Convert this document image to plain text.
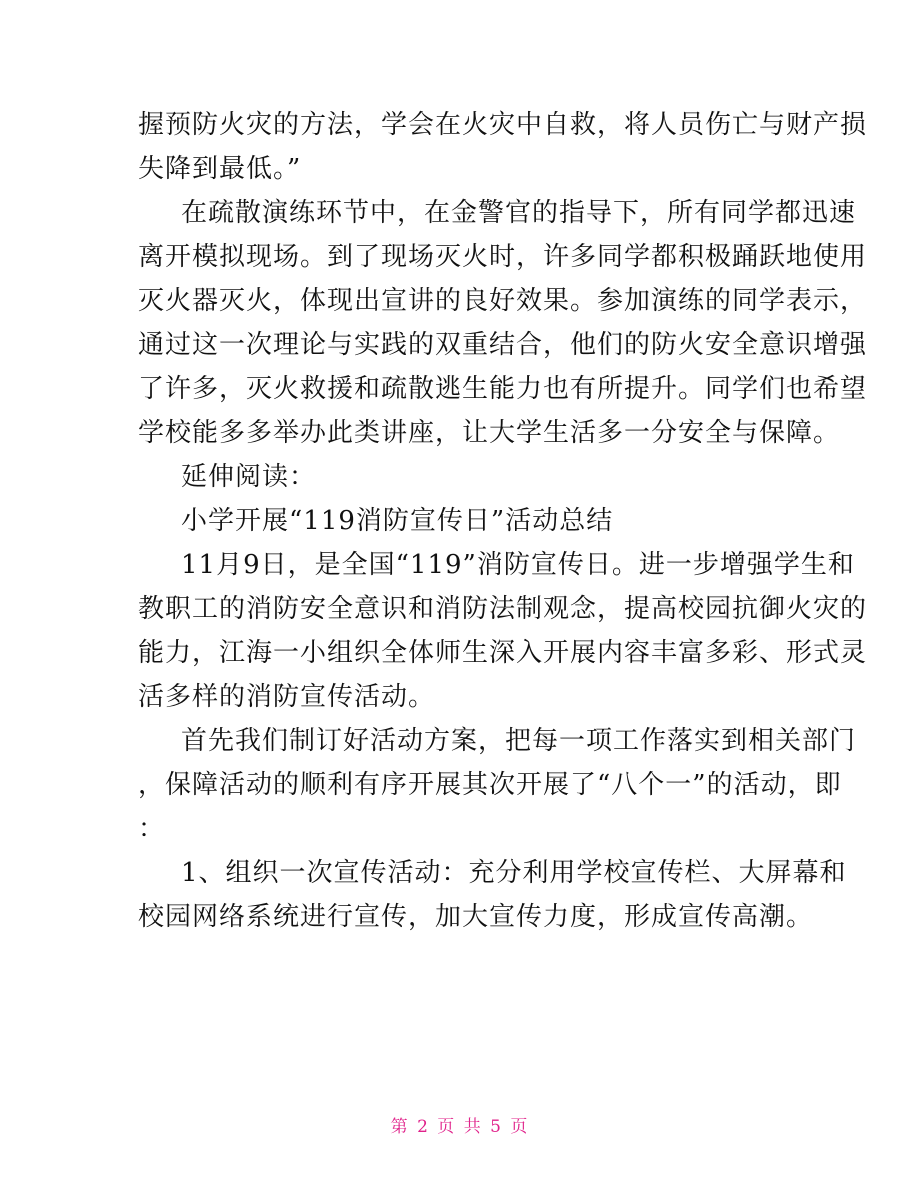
握预防火灾的方法，学会在火灾中自救，将人员伤亡与财产损
失降到最低。”
在疏散演练环节中，在金警官的指导下，所有同学都迅速
离开模拟现场。到了现场灭火时，许多同学都积极踊跃地使用
灭火器灭火，体现出宣讲的良好效果。参加演练的同学表示，
通过这一次理论与实践的双重结合，他们的防火安全意识增强
了许多，灭火救援和疏散逃生能力也有所提升。同学们也希望
学校能多多举办此类讲座，让大学生活多一分安全与保障。
延伸阅读：
小学开展“119消防宣传日”活动总结
11月9日，是全国“119”消防宣传日。进一步增强学生和
教职工的消防安全意识和消防法制观念，提高校园抗御火灾的
能力，江海一小组织全体师生深入开展内容丰富多彩、形式灵
活多样的消防宣传活动。
首先我们制订好活动方案，把每一项工作落实到相关部门
，保障活动的顺利有序开展其次开展了“八个一”的活动，即
：
1、组织一次宣传活动：充分利用学校宣传栏、大屏幕和
校园网络系统进行宣传，加大宣传力度，形成宣传高潮。
第 2 页 共 5 页
